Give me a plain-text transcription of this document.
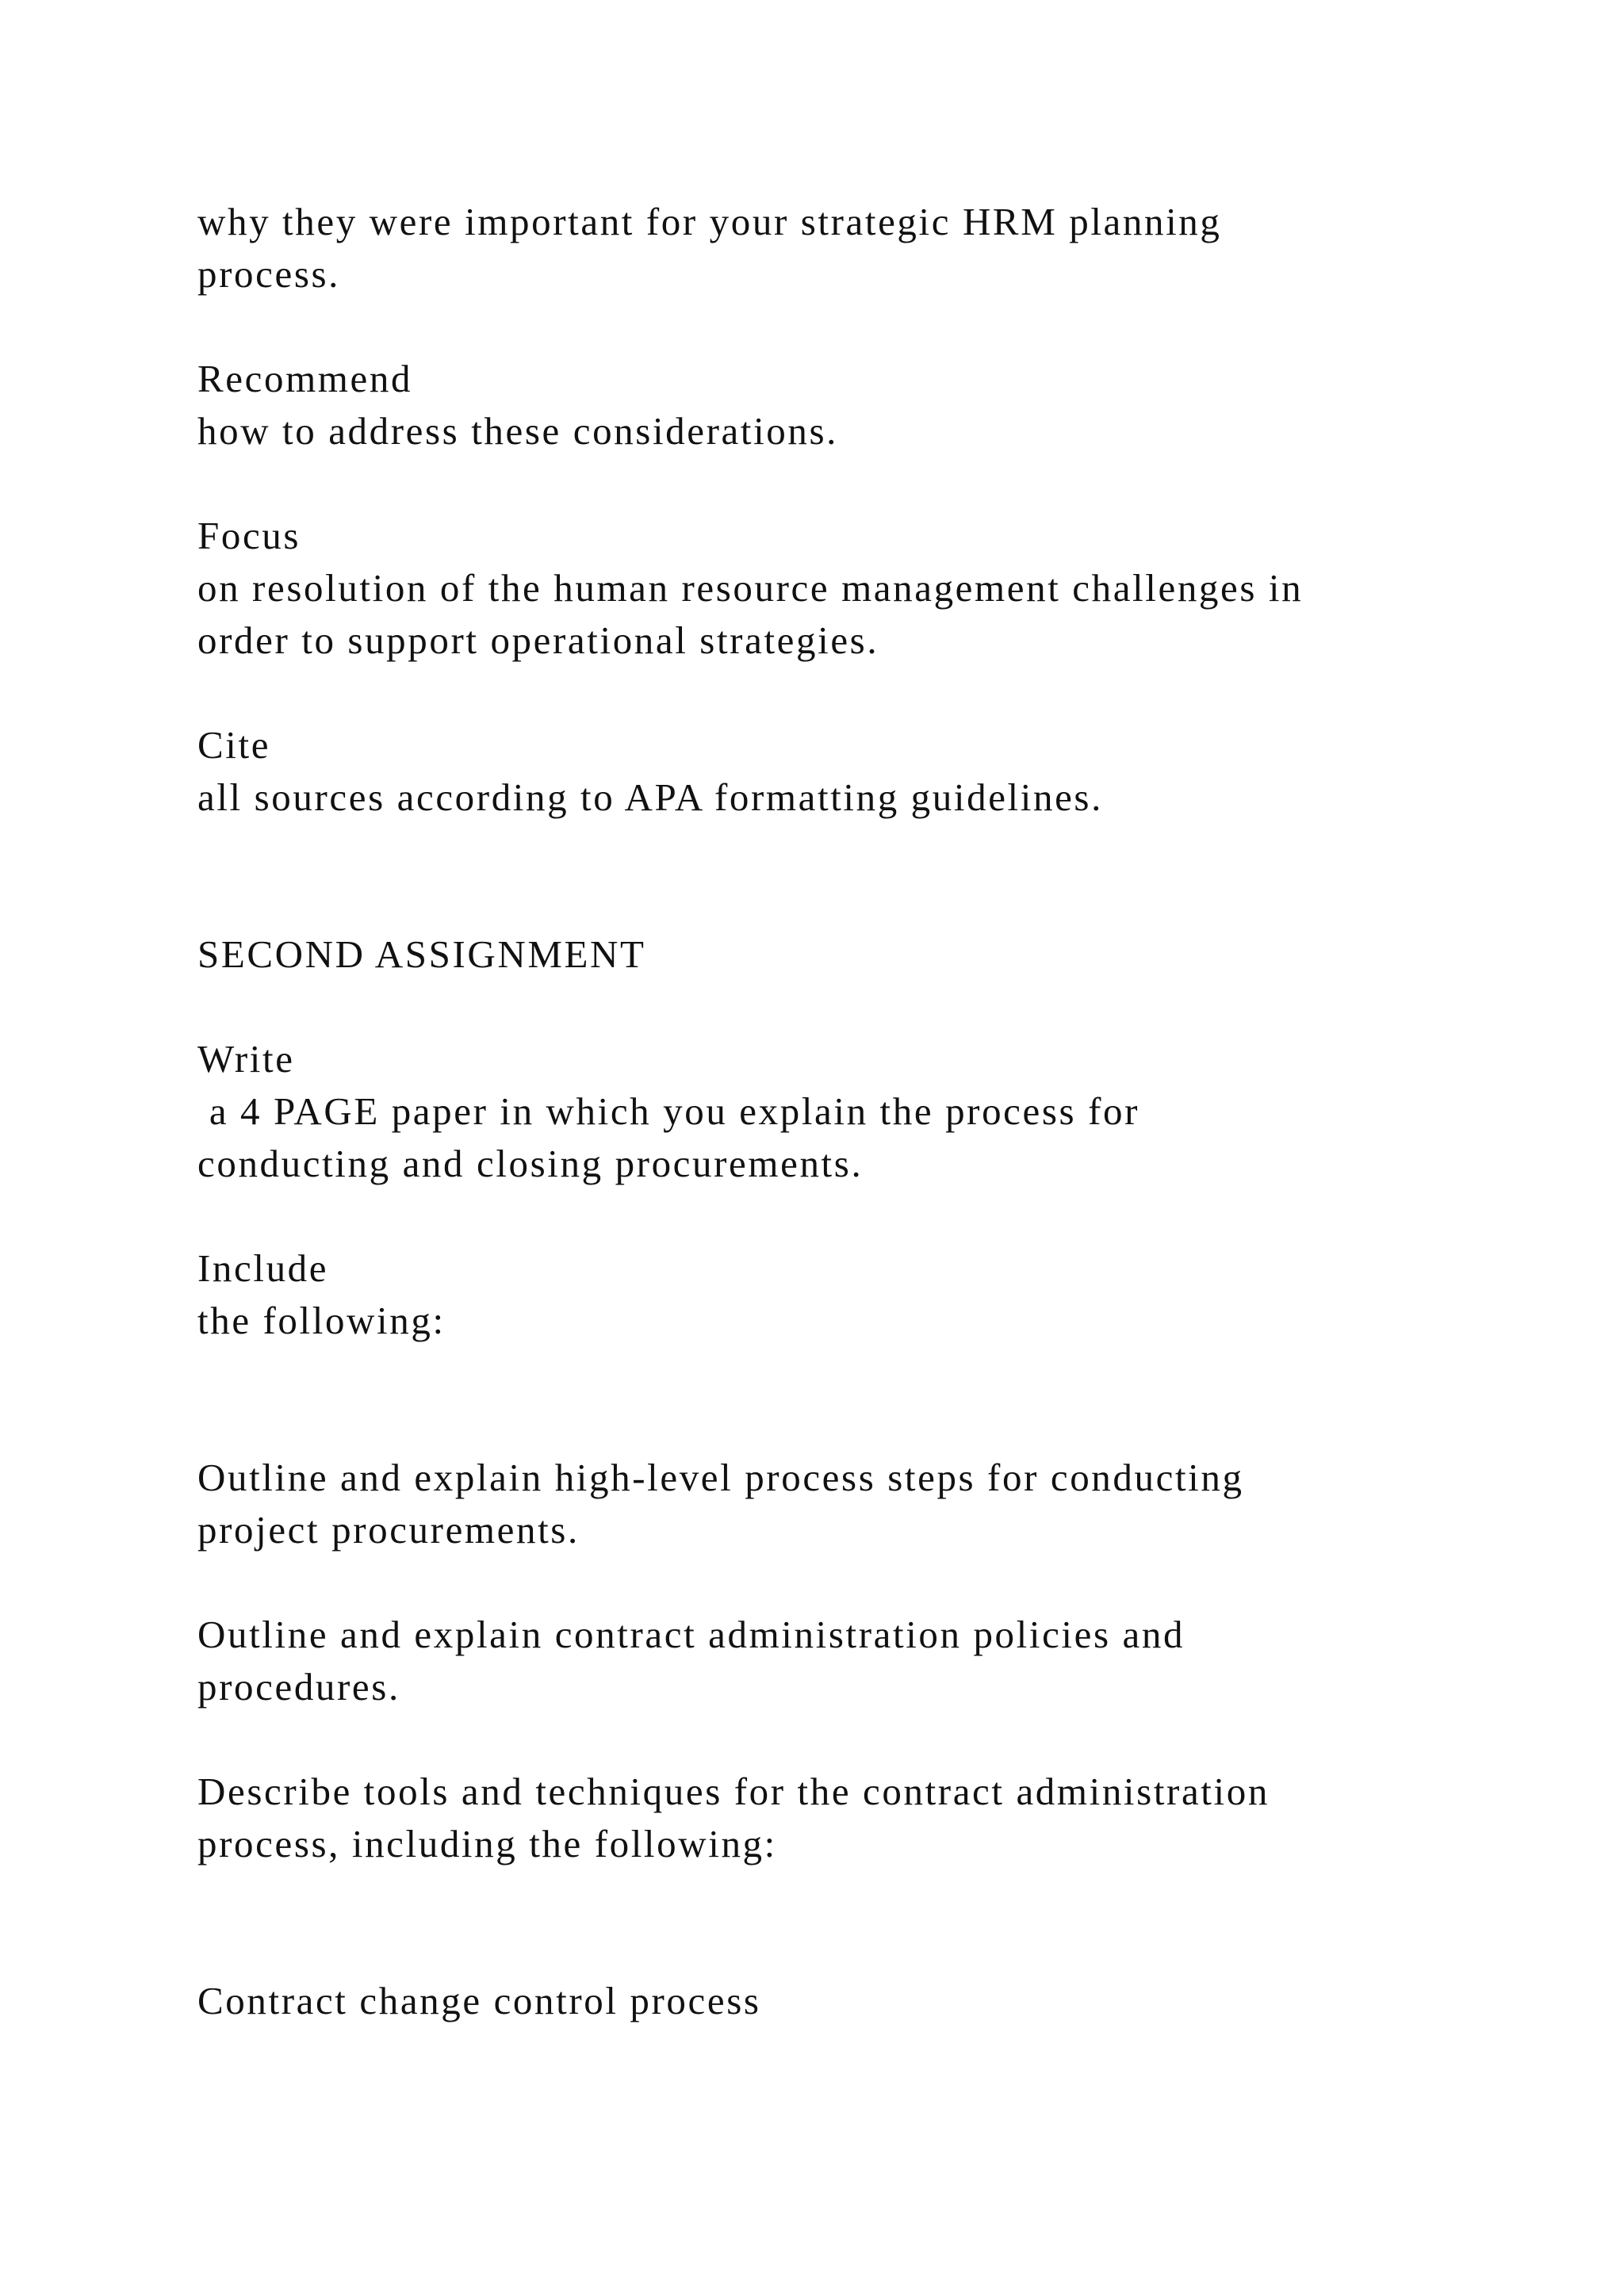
why they were important for your strategic HRM planning

process.

Recommend

how to address these considerations.

Focus

on resolution of the human resource management challenges in

order to support operational strategies.

Cite

all sources according to APA formatting guidelines.

SECOND ASSIGNMENT

Write

a 4 PAGE paper in which you explain the process for

conducting and closing procurements.

Include

the following:

Outline and explain high-level process steps for conducting

project procurements.

Outline and explain contract administration policies and

procedures.

Describe tools and techniques for the contract administration

process, including the following:

Contract change control process
